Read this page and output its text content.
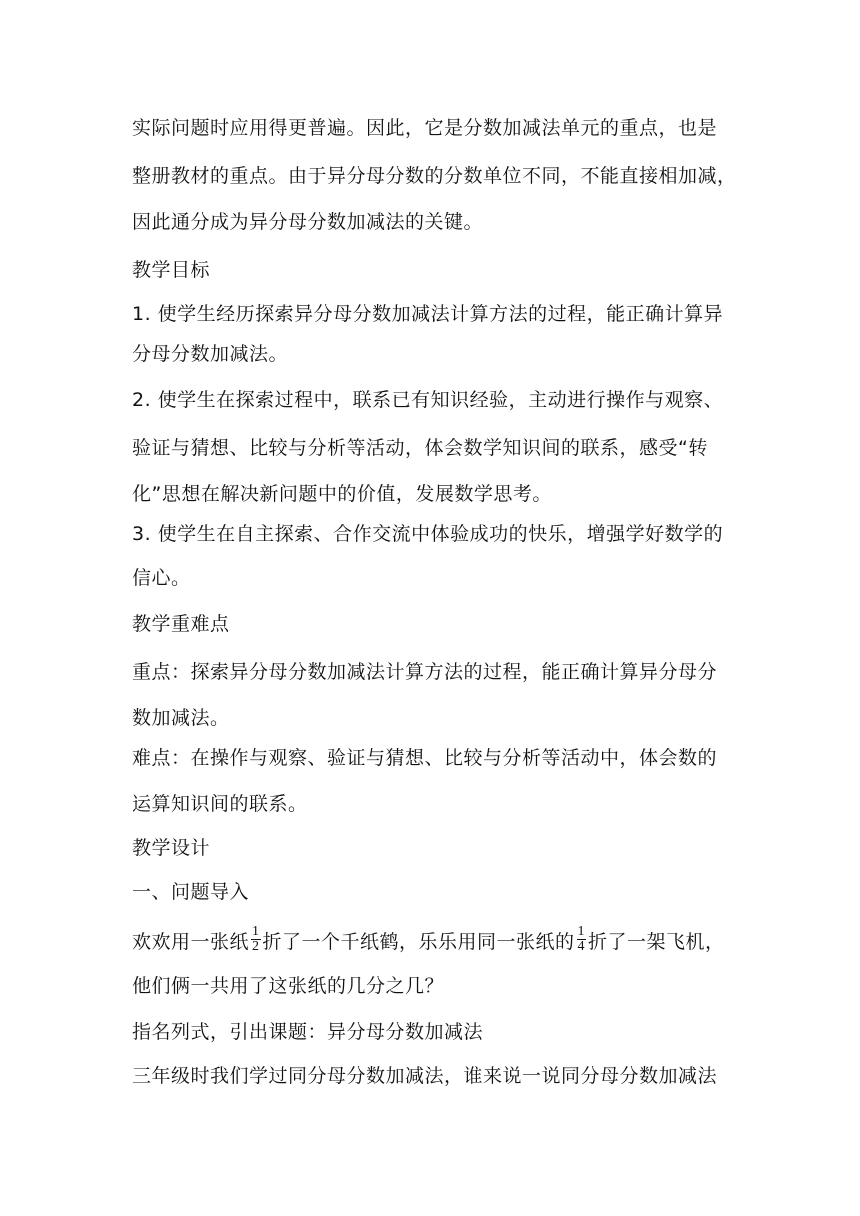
实际问题时应用得更普遍。因此，它是分数加减法单元的重点，也是
整册教材的重点。由于异分母分数的分数单位不同，不能直接相加减，
因此通分成为异分母分数加减法的关键。
教学目标
1. 使学生经历探索异分母分数加减法计算方法的过程，能正确计算异
分母分数加减法。
2. 使学生在探索过程中，联系已有知识经验，主动进行操作与观察、
验证与猜想、比较与分析等活动，体会数学知识间的联系，感受“转
化”思想在解决新问题中的价值，发展数学思考。
3. 使学生在自主探索、合作交流中体验成功的快乐，增强学好数学的
信心。
教学重难点
重点：探索异分母分数加减法计算方法的过程，能正确计算异分母分
数加减法。
难点：在操作与观察、验证与猜想、比较与分析等活动中，体会数的
运算知识间的联系。
教学设计
一、问题导入
欢欢用一张纸 $\frac{1}{2}$ 折了一个千纸鹤，乐乐用同一张纸的 $\frac{1}{4}$ 折了一架飞机，
他们俩一共用了这张纸的几分之几？
指名列式，引出课题：异分母分数加减法
三年级时我们学过同分母分数加减法，谁来说一说同分母分数加减法
